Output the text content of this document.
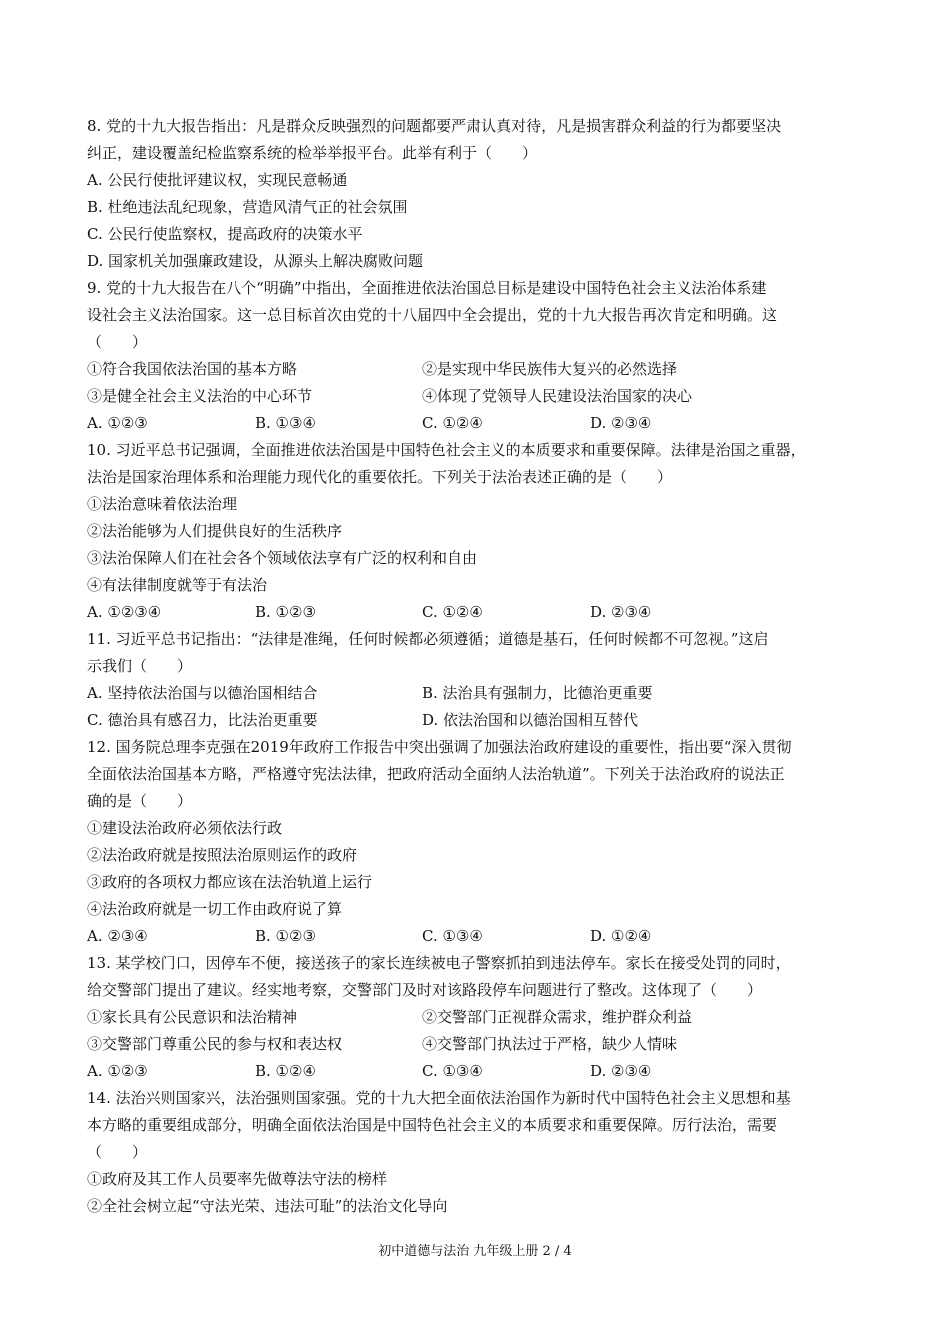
8. 党的十九大报告指出：凡是群众反映强烈的问题都要严肃认真对待，凡是损害群众利益的行为都要坚决
纠正，建设覆盖纪检监察系统的检举举报平台。此举有利于（　　）
A. 公民行使批评建议权，实现民意畅通
B. 杜绝违法乱纪现象，营造风清气正的社会氛围
C. 公民行使监察权，提高政府的决策水平
D. 国家机关加强廉政建设，从源头上解决腐败问题
9. 党的十九大报告在八个“明确”中指出，全面推进依法治国总目标是建设中国特色社会主义法治体系建
设社会主义法治国家。这一总目标首次由党的十八届四中全会提出，党的十九大报告再次肯定和明确。这
（　　）
①符合我国依法治国的基本方略	②是实现中华民族伟大复兴的必然选择
③是健全社会主义法治的中心环节	④体现了党领导人民建设法治国家的决心
A. ①②③	B. ①③④	C. ①②④	D. ②③④
10. 习近平总书记强调，全面推进依法治国是中国特色社会主义的本质要求和重要保障。法律是治国之重器，
法治是国家治理体系和治理能力现代化的重要依托。下列关于法治表述正确的是（　　）
①法治意味着依法治理
②法治能够为人们提供良好的生活秩序
③法治保障人们在社会各个领域依法享有广泛的权利和自由
④有法律制度就等于有法治
A. ①②③④	B. ①②③	C. ①②④	D. ②③④
11. 习近平总书记指出：“法律是准绳，任何时候都必须遵循；道德是基石，任何时候都不可忽视。”这启
示我们（　　）
A. 坚持依法治国与以德治国相结合	B. 法治具有强制力，比德治更重要
C. 德治具有感召力，比法治更重要	D. 依法治国和以德治国相互替代
12. 国务院总理李克强在2019年政府工作报告中突出强调了加强法治政府建设的重要性，指出要“深入贯彻
全面依法治国基本方略，严格遵守宪法法律，把政府活动全面纳人法治轨道”。下列关于法治政府的说法正
确的是（　　）
①建设法治政府必须依法行政
②法治政府就是按照法治原则运作的政府
③政府的各项权力都应该在法治轨道上运行
④法治政府就是一切工作由政府说了算
A. ②③④	B. ①②③	C. ①③④	D. ①②④
13. 某学校门口，因停车不便，接送孩子的家长连续被电子警察抓拍到违法停车。家长在接受处罚的同时，
给交警部门提出了建议。经实地考察，交警部门及时对该路段停车问题进行了整改。这体现了（　　）
①家长具有公民意识和法治精神	②交警部门正视群众需求，维护群众利益
③交警部门尊重公民的参与权和表达权	④交警部门执法过于严格，缺少人情味
A. ①②③	B. ①②④	C. ①③④	D. ②③④
14. 法治兴则国家兴，法治强则国家强。党的十九大把全面依法治国作为新时代中国特色社会主义思想和基
本方略的重要组成部分，明确全面依法治国是中国特色社会主义的本质要求和重要保障。厉行法治，需要
（　　）
①政府及其工作人员要率先做尊法守法的榜样
②全社会树立起“守法光荣、违法可耻”的法治文化导向
初中道德与法治 九年级上册 2 / 4
